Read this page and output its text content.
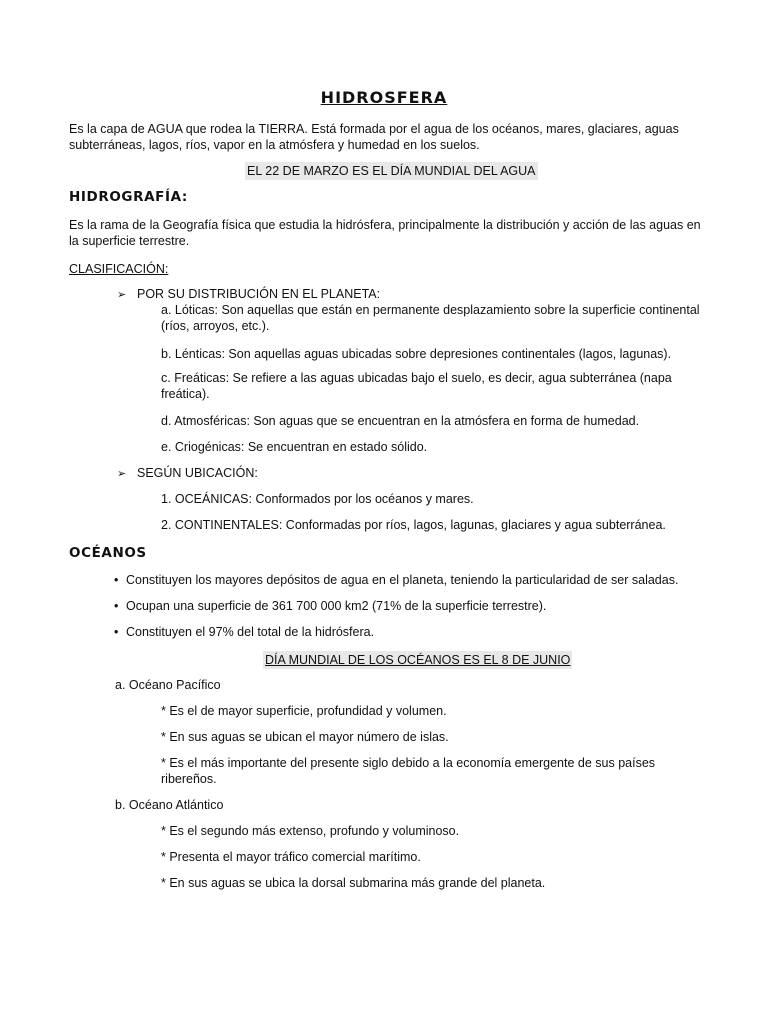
HIDROSFERA
Es la capa de AGUA que rodea la TIERRA. Está formada por el agua de los océanos, mares, glaciares, aguas subterráneas, lagos, ríos, vapor en la atmósfera y humedad en los suelos.
EL 22 DE MARZO ES EL DÍA MUNDIAL DEL AGUA
HIDROGRAFÍA:
Es la rama de la Geografía física que estudia la hidrósfera, principalmente la distribución y acción de las aguas en la superficie terrestre.
CLASIFICACIÓN:
➢ POR SU DISTRIBUCIÓN EN EL PLANETA:
a. Lóticas: Son aquellas que están en permanente desplazamiento sobre la superficie continental (ríos, arroyos, etc.).
b. Lénticas: Son aquellas aguas ubicadas sobre depresiones continentales (lagos, lagunas).
c. Freáticas: Se refiere a las aguas ubicadas bajo el suelo, es decir, agua subterránea (napa freática).
d. Atmosféricas: Son aguas que se encuentran en la atmósfera en forma de humedad.
e. Criogénicas: Se encuentran en estado sólido.
➢ SEGÚN UBICACIÓN:
1. OCEÁNICAS: Conformados por los océanos y mares.
2. CONTINENTALES: Conformadas por ríos, lagos, lagunas, glaciares y agua subterránea.
OCÉANOS
• Constituyen los mayores depósitos de agua en el planeta, teniendo la particularidad de ser saladas.
• Ocupan una superficie de 361 700 000 km2 (71% de la superficie terrestre).
• Constituyen el 97% del total de la hidrósfera.
DÍA MUNDIAL DE LOS OCÉANOS ES EL 8 DE JUNIO
a. Océano Pacífico
* Es el de mayor superficie, profundidad y volumen.
* En sus aguas se ubican el mayor número de islas.
* Es el más importante del presente siglo debido a la economía emergente de sus países ribereños.
b. Océano Atlántico
* Es el segundo más extenso, profundo y voluminoso.
* Presenta el mayor tráfico comercial marítimo.
* En sus aguas se ubica la dorsal submarina más grande del planeta.
